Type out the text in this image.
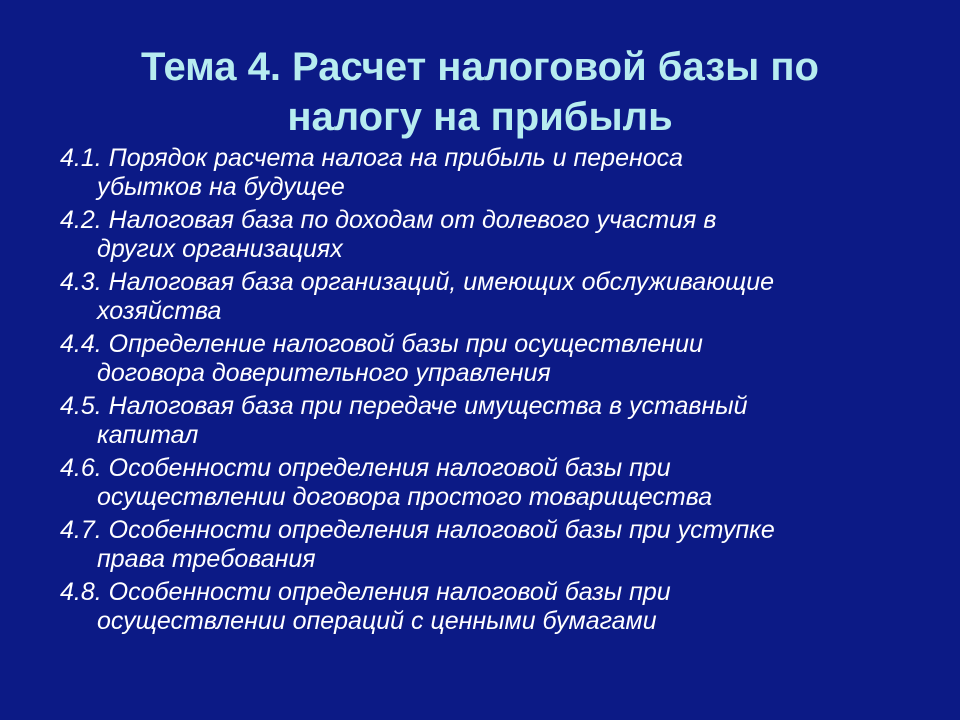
Тема 4. Расчет налоговой базы по
налогу на прибыль
4.1. Порядок расчета налога на прибыль и переноса
убытков на будущее
4.2. Налоговая база по доходам от долевого участия в
других организациях
4.3. Налоговая база организаций, имеющих обслуживающие
хозяйства
4.4. Определение налоговой базы при осуществлении
договора доверительного управления
4.5. Налоговая база при передаче имущества в уставный
капитал
4.6. Особенности определения налоговой базы при
осуществлении договора простого товарищества
4.7. Особенности определения налоговой базы при уступке
права требования
4.8. Особенности определения налоговой базы при
осуществлении операций с ценными бумагами
